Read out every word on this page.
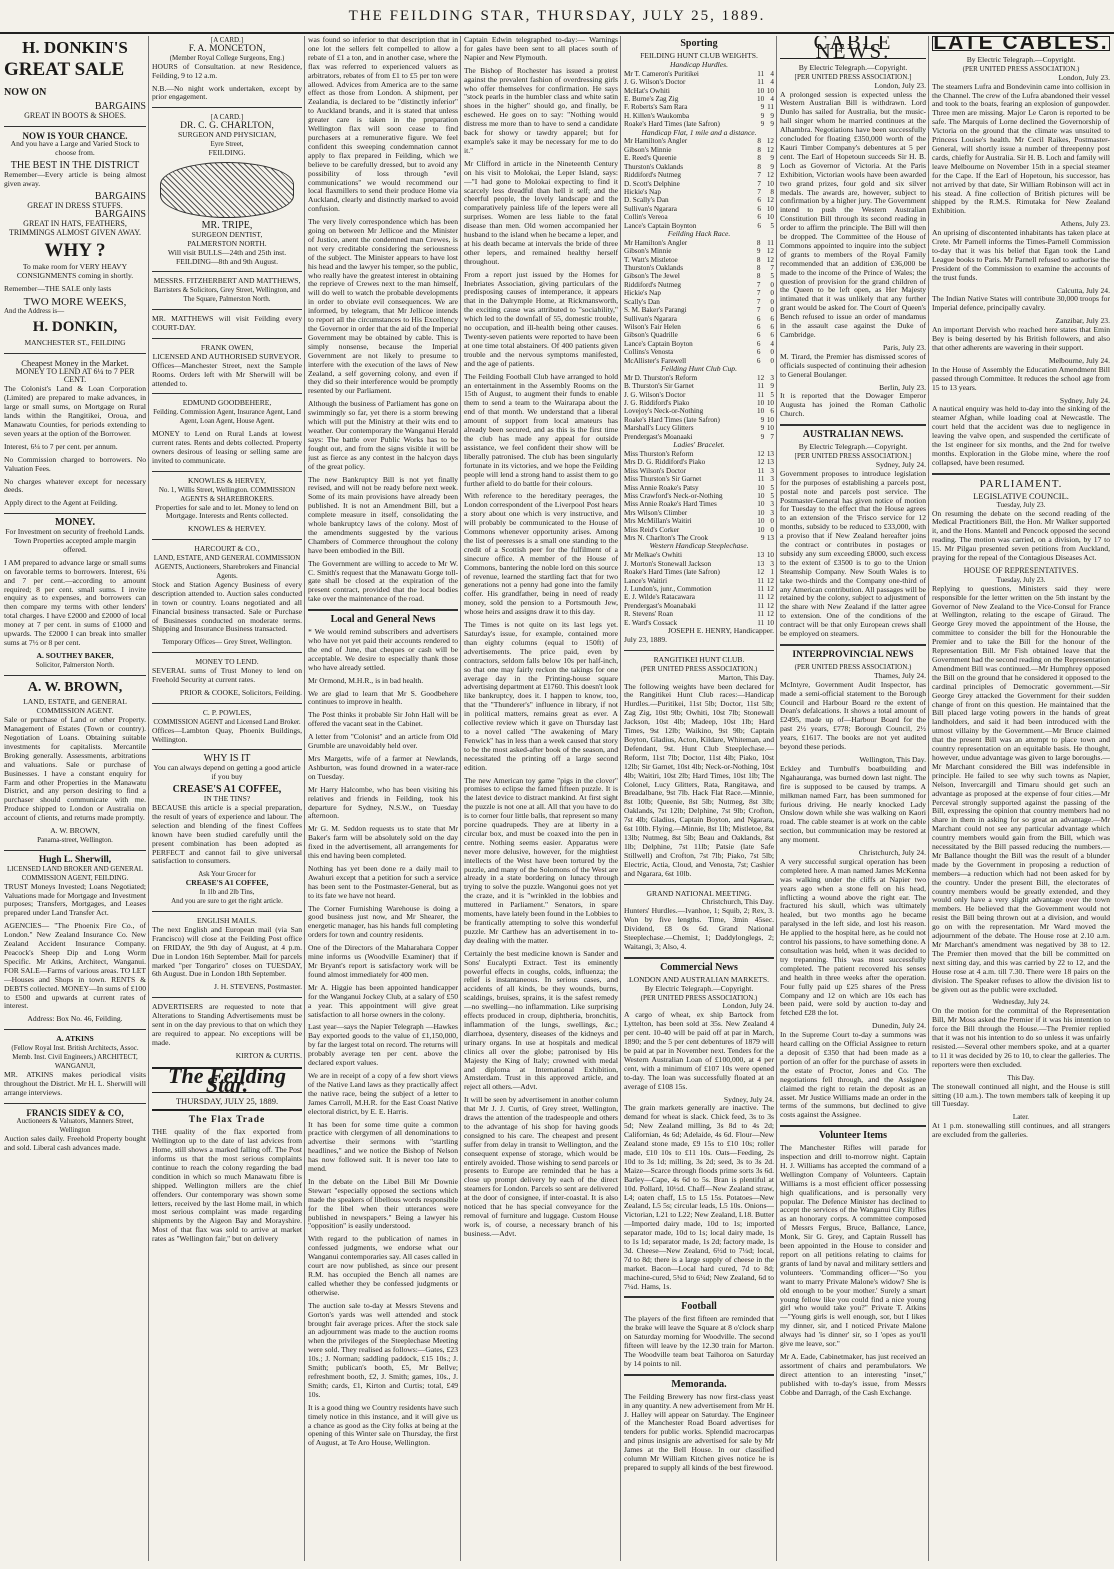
THE FEILDING STAR, THURSDAY, JULY 25, 1889.
H. DONKIN'S
GREAT SALE NOW ON
BARGAINS
GREAT IN BOOTS & SHOES.
NOW IS YOUR CHANCE.

And you have a Large and Varied Stock to choose from.

THE BEST IN THE DISTRICT

Remember—Every article is being almost given away.

BARGAINS
GREAT IN DRESS STUFFS.
BARGAINS
GREAT IN HATS, FEATHERS, TRIMMINGS ALMOST GIVEN AWAY.
WHY ?

To make room for VERY HEAVY CONSIGNMENTS coming in shortly.

Remember—THE SALE only lasts

TWO MORE WEEKS,

And the Address is—

H. DONKIN,
MANCHESTER ST., FEILDING
Cheapest Money in the Market.
MONEY TO LEND AT 6¼ to 7 PER CENT.

The Colonist's Land & Loan Corporation (Limited) are prepared to make advances, in large or small sums, on Mortgage on Rural lands within the Rangitikei, Oroua, and Manawatu Counties, for periods extending to seven years at the option of the Borrower.

Interest, 6¼ to 7 per cent. per annum.

No Commission charged to borrowers. No Valuation Fees.

No charges whatever except for necessary deeds.

Apply direct to the Agent at Feilding.

MONEY.

For Investment on security of freehold Lands. Town Properties accepted ample margin offered.

I AM prepared to advance large or small sums on favorable terms to borrowers. Interest, 6¼ and 7 per cent.—according to amount required; 8 per cent. small sums. I invite enquiry as to expenses, and borrowers can then compare my terms with other lenders' total charges. I have £2000 and £2000 of local money at 7 per cent. in sums of £1000 and upwards. The £2000 I can break into smaller sums at 7½ or 8 per cent.

A. SOUTHEY BAKER,
Solicitor, Palmerston North.
A. W. BROWN,
LAND, ESTATE, and GENERAL COMMISSION AGENT.

Sale or purchase of Land or other Property. Management of Estates (Town or country). Negotiation of Loans. Obtaining suitable investments for capitalists. Mercantile Broking generally. Assessments, arbitrations and valuations. Sale or purchase of Businesses. I have a constant enquiry for Farm and other Properties in the Manawatu District, and any person desiring to find a purchaser should communicate with me. Produce shipped to London or Australia on account of clients, and returns made promptly.

A. W. BROWN,
Panama-street, Wellington.
Hugh L. Sherwill,
LICENSED LAND BROKER AND GENERAL COMMISSION AGENT, FEILDING.

TRUST Moneys Invested; Loans Negotiated; Valuations made for Mortgage and Investment purposes; Transfers, Mortgages, and Leases prepared under Land Transfer Act.

AGENCIES— "The Phoenix Fire Co., of London." New Zealand Insurance Co. New Zealand Accident Insurance Company. Peacock's Sheep Dip and Long Worm Specific. Mr Atkins, Architect, Wanganui. FOR SALE—Farms of various areas. TO LET—Houses and Shops in town. RENTS & DEBTS collected. MONEY—In sums of £100 to £500 and upwards at current rates of interest.

Address: Box No. 46, Feilding.
A. ATKINS
(Fellow Royal Inst. British Architects, Assoc. Memb. Inst. Civil Engineers,) ARCHITECT, WANGANUI,

MR. ATKINS makes periodical visits throughout the District. Mr H. L. Sherwill will arrange interviews.

FRANCIS SIDEY & CO,
Auctioneers & Valuators, Manners Street, Wellington

Auction sales daily. Freehold Property bought and sold. Liberal cash advances made.

[A CARD.]
F. A. MONCETON,
(Member Royal College Surgeons, Eng.)

HOURS of Consultation. at new Residence, Feilding, 9 to 12 a.m.

N.B.—No night work undertaken, except by prior engagement.

[A CARD.]
DR. C. G. CHARLTON,
SURGEON AND PHYSICIAN,
Eyre Street,
FEILDING.
MR. TRIPE,
SURGEON DENTIST,
PALMERSTON NORTH.

Will visit BULLS—24th and 25th inst. FEILDING—8th and 9th August.

MESSRS. FITZHERBERT AND MATTHEWS,
Barristers & Solicitors, Grey Street, Wellington, and The Square, Palmerston North.

MR. MATTHEWS will visit Feilding every COURT-DAY.

FRANK OWEN,
LICENSED AND AUTHORISED SURVEYOR.

Offices—Manchester Street, next the Sample Rooms. Orders left with Mr Sherwill will be attended to.

EDMUND GOODBEHERE,

Feilding. Commission Agent, Insurance Agent, Land Agent, Loan Agent, House Agent.

MONEY to Lend on Rural Lands at lowest current rates. Rents and debts collected. Property owners desirous of leasing or selling same are invited to communicate.

KNOWLES & HERVEY,
No. 1, Willis Street, Wellington. COMMISSION AGENTS & SHAREBROKERS.

Properties for sale and to let. Money to lend on Mortgage. Interests and Rents collected.

KNOWLES & HERVEY.
HARCOURT & CO.,
LAND, ESTATE, AND GENERAL COMMISSION AGENTS, Auctioneers, Sharebrokers and Financial Agents.

Stock and Station Agency Business of every description attended to. Auction sales conducted in town or country. Loans negotiated and all Financial business transacted. Sale or Purchase of Businesses conducted on moderate terms. Shipping and Insurance Business transacted.

Temporary Offices— Grey Street, Wellington.
MONEY TO LEND.

SEVERAL sums of Trust Money to lend on Freehold Security at current rates.

PRIOR & COOKE, Solicitors, Feilding.
C. P. POWLES,
COMMISSION AGENT and Licensed Land Broker.

Offices—Lambton Quay, Phoenix Buildings, Wellington.

WHY IS IT

You can always depend on getting a good article if you buy

CREASE'S A1 COFFEE,
IN THE TINS?

BECAUSE this article is a special preparation, the result of years of experience and labour. The selection and blending of the finest Coffees known have been studied carefully until the present combination has been adopted as PERFECT and cannot fail to give universal satisfaction to consumers.

Ask Your Grocer for
CREASE'S A1 COFFEE,
In 1lb and 2lb Tins,
And you are sure to get the right article.
ENGLISH MAILS.

The next English and European mail (via San Francisco) will close at the Feilding Post office on FRIDAY, the 9th day of August, at 4 p.m. Due in London 16th September. Mail for parcels marked "per Tongariro" closes on TUESDAY, 6th August. Due in London 18th September.

J. H. STEVENS, Postmaster.

ADVERTISERS are requested to note that Alterations to Standing Advertisements must be sent in on the day previous to that on which they are required to appear. No exceptions will be made.

KIRTON & CURTIS.
The Feilding Star.
THURSDAY, JULY 25, 1889.
The Flax Trade

THE quality of the flax exported from Wellington up to the date of last advices from Home, still shows a marked falling off. The Post informs us that the most serious complaints continue to reach the colony regarding the bad condition in which so much Manawatu fibre is shipped. Wellington millers are the chief offenders. Our contemporary was shown some letters, received by the last Home mail, in which most serious complaint was made regarding shipments by the Aigeon Bay and Morayshire. Most of that flax was sold to arrive at market rates as "Wellington fair," but on delivery

was found so inferior to that description that in one lot the sellers felt compelled to allow a rebate of £1 a ton, and in another case, where the flax was referred to experienced valuers as arbitrators, rebates of from £1 to £5 per ton were allowed. Advices from America are to the same effect as those from London. A shipment, per Zealandia, is declared to be "distinctly inferior" to Auckland brands, and it is stated that unless greater care is taken in the preparation Wellington flax will soon cease to find purchasers at a remunerative figure. We feel confident this sweeping condemnation cannot apply to flax prepared in Feilding, which we believe to be carefully dressed, but to avoid any possibility of loss through "evil communications" we would recommend our local flaxmillers to send their produce Home via Auckland, clearly and distinctly marked to avoid confusion.

The very lively correspondence which has been going on between Mr Jellicoe and the Minister of Justice, anent the condemned man Crewes, is not very creditable considering the seriousness of the subject. The Minister appears to have lost his head and the lawyer his temper, so the public, who really have the greatest interest in obtaining the reprieve of Crewes next to the man himself, will do well to watch the probable developments in order to obviate evil consequences. We are informed, by telegram, that Mr Jellicoe intends to report all the circumstances to His Excellency the Governor in order that the aid of the Imperial Government may be obtained by cable. This is simply nonsense, because the Imperial Government are not likely to presume to interfere with the execution of the laws of New Zealand, a self governing colony, and even if they did so their interference would be promptly resented by our Parliament.

Although the business of Parliament has gone on swimmingly so far, yet there is a storm brewing which will put the Ministry at their wits end to weather. Our contemporary the Wanganui Herald says: The battle over Public Works has to be fought out, and from the signs visible it will be just as fierce as any contest in the halcyon days of the great policy.

The new Bankruptcy Bill is not yet finally revised, and will not be ready before next week. Some of its main provisions have already been published. It is not an Amendment Bill, but a complete measure in itself, consolidating the whole bankruptcy laws of the colony. Most of the amendments suggested by the various Chambers of Commerce throughout the colony have been embodied in the Bill.

The Government are willing to accede to Mr W. C. Smith's request that the Manawatu Gorge toll-gate shall be closed at the expiration of the present contract, provided that the local bodies take over the maintenance of the road.

Local and General News

* We would remind subscribers and advertisers who have not yet paid their accounts rendered to the end of June, that cheques or cash will be acceptable. We desire to especially thank those who have already settled.

Mr Ormond, M.H.R., is in bad health.

We are glad to learn that Mr S. Goodbehere continues to improve in health.

The Post thinks it probable Sir John Hall will be offered the vacant seat in the Cabinet.

A letter from "Colonist" and an article from Old Grumble are unavoidably held over.

Mrs Margetts, wife of a farmer at Newlands, Ashburton, was found drowned in a water-race on Tuesday.

Mr Harry Halcombe, who has been visiting his relatives and friends in Feilding, took his departure for Sydney, N.S.W., on Tuesday afternoon.

Mr G. M. Seddon requests us to state that Mr Baker's farm will be absolutely sold on the day fixed in the advertisement, all arrangements for this end having been completed.

Nothing has yet been done re a daily mail to Awahuri except that a petition for such a service has been sent to the Postmaster-General, but as to its fate we have not heard.

The Corner Furnishing Warehouse is doing a good business just now, and Mr Shearer, the energetic manager, has his hands full completing orders for town and country residents.

One of the Directors of the Maharahara Copper mine informs us (Woodville Examiner) that if Mr Bryant's report is satisfactory work will be found almost immediately for 400 men.

Mr A. Higgie has been appointed handicapper for the Wanganui Jockey Club, at a salary of £50 a year. This appointment will give great satisfaction to all horse owners in the colony.

Last year—says the Napier Telegraph —Hawkes Bay exported goods to the value of £1,150,000, by far the largest total on record. The returns will probably average ten per cent. above the declared export values.

We are in receipt of a copy of a few short views of the Native Land laws as they practically affect the native race, being the subject of a letter to James Carroll, M.H.R. for the East Coast Native electoral district, by E. E. Harris.

It has been for some time quite a common practice with clergymen of all denominations to advertise their sermons with "startling headlines," and we notice the Bishop of Nelson has now followed suit. It is never too late to mend.

In the debate on the Libel Bill Mr Downie Stewart "especially opposed the sections which made the speakers of libellous words responsible for the libel when their utterances were published in newspapers." Being a lawyer his "opposition" is easily understood.

With regard to the publication of names in confessed judgments, we endorse what our Wanganui contemporaries say. All cases called in court are now published, as since our present R.M. has occupied the Bench all names are called whether they be confessed judgments or otherwise.

The auction sale to-day at Messrs Stevens and Gorton's yards was well attended and stock brought fair average prices. After the stock sale an adjournment was made to the auction rooms when the privileges of the Steeplechase Meeting were sold. They realised as follows:—Gates, £23 10s.; J. Norman; saddling paddock, £15 10s.; J. Smith; publican's booth, £5, Mr Bellve; refreshment booth, £2, J. Smith; games, 10s., J. Smith; cards, £1, Kirton and Curtis; total, £49 10s.

It is a good thing we Country residents have such timely notice in this instance, and it will give us a chance as good as the City folks at being at the opening of this Winter sale on Thursday, the first of August, at Te Aro House, Wellington.

Captain Edwin telegraphed to-day:— Warnings for gales have been sent to all places south of Napier and New Plymouth.

The Bishop of Rochester has issued a protest against the prevalent fashion of overdressing girls who offer themselves for confirmation. He says "stock pearls in the humbler class and white satin shoes in the higher" should go, and finally, be eschewed. He goes on to say: "Nothing would distress me more than to have to send a candidate back for showy or tawdry apparel; but for example's sake it may be necessary for me to do it."

Mr Clifford in article in the Nineteenth Century on his visit to Molokai, the Leper Island, says:—"I had gone to Molokai expecting to find it scarcely less dreadful than hell it self; and the cheerful people, the lovely landscape and the comparatively painless life of the lepers were all surprises. Women are less liable to the fatal disease than men. Old women accompanied her husband to the island when he became a leper, and at his death became at intervals the bride of three other lepers, and remained healthy herself throughout.

From a report just issued by the Homes for Inebriates Association, giving particulars of the predisposing causes of intemperance, it appears that in the Dalrymple Home, at Rickmansworth, the exciting cause was attributed to "sociability," which led to the downfall of 55, domestic trouble, no occupation, and ill-health being other causes. Twenty-seven patients were reported to have been at one time total abstainers. Of 400 patients given trouble and the nervous symptoms manifested, and the age of patients.

The Feilding Football Club have arranged to hold an entertainment in the Assembly Rooms on the 15th of August, to augment their funds to enable them to send a team to the Wairarapa about the end of that month. We understand that a liberal amount of support from local amateurs has already been secured, and as this is the first time the club has made any appeal for outside assistance, we feel confident their show will be liberally patronised. The club has been singularly fortunate in its victories, and we hope the Feilding people will lend a strong hand to assist them to go further afield to do battle for their colours.

With reference to the hereditary peerages, the London correspondent of the Liverpool Post hears a story about one which is very instructive, and will probably be communicated to the House of Commons whenever opportunity arises. Among the list of peeresses is a small one standing to the credit of a Scottish peer for the fulfilment of a sinecure office. A member of the House of Commons, bantering the noble lord on this source of revenue, learned the startling fact that for two generations not a penny had gone into the family coffer. His grandfather, being in need of ready money, sold the pension to a Portsmouth Jew, whose heirs and assigns draw it to this day.

The Times is not quite on its last legs yet. Saturday's issue, for example, contained more than eighty columns (equal to 150ft) of advertisements. The price paid, even by contractors, seldom falls below 10s per half-inch, so that one may fairly reckon the takings for one average day in the Printing-house square advertising department at £1760. This doesn't look like bankruptcy, does it. I happen to know, too, that the "Thunderer's" influence in library, if not in political matters, remains great as ever. A collective review which it gave on Thursday last to a novel called "The awakening of Mary Fenwick" has in less than a week caused that story to be the most asked-after book of the season, and necessitated the printing off a large second edition.

The new American toy game "pigs in the clover" promises to eclipse the famed fifteen puzzle. It is the latest device to distract mankind. At first sight the puzzle is not one at all. All that you have to do is to corner four little balls, that represent so many porcine quadrupeds. They are at liberty in a circular box, and must be coaxed into the pen in centre. Nothing seems easier. Apparatus were never more delusive, however, for the mightiest intellects of the West have been tortured by the puzzle, and many of the Solomons of the West are already in a state bordering on lunacy through trying to solve the puzzle. Wangonui goes not yet the craze, and it is "wrinkled in the lobbies and muttered in Parliament." Senators, in spare moments, have lately been found in the Lobbies to be frantically attempting to solve this wonderful puzzle. Mr Carthew has an advertisement in to-day dealing with the matter.

Certainly the best medicine known is Sander and Sons' Eucalypti Extract. Test its eminently powerful effects in coughs, colds, influenza; the relief is instantaneous. In serious cases, and accidents of all kinds, be they wounds, burns, scaldings, bruises, sprains, it is the safest remedy—no swelling—no inflammation. Like surprising effects produced in croup, diphtheria, bronchitis, inflammation of the lungs, swellings, &c.; diarrhoea, dysentery, diseases of the kidneys and urinary organs. In use at hospitals and medical clinics all over the globe; patronised by His Majesty the King of Italy; crowned with medal and diploma at International Exhibition, Amsterdam. Trust in this approved article, and reject all others.—Advt.

It will be seen by advertisement in another column that Mr J. J. Curtis, of Grey street, Wellington, draws the attention of the tradespeople and others to the advantage of his shop for having goods consigned to his care. The cheapest and present suffer from delay in transit to Wellington, and the consequent expense of storage, which would be entirely avoided. Those wishing to send parcels or presents to Europe are reminded that he has a close up prompt delivery by each of the direct steamers for London. Parcels so sent are delivered at the door of consignee, if inter-coastal. It is also noticed that he has special conveyance for the removal of furniture and luggage. Custom House work is, of course, a necessary branch of his business.—Advt.

Sporting
FEILDING HUNT CLUB WEIGHTS.
Handicap Hurdles.
Mr T. Cameron's Puritikei	11	4
J. G. Wilson's Doctor	11	4
McHat's Owhiti	10	10
E. Burne's Zag Zig	10	4
F. Roberts's Sam Rara	9	11
H. Killen's Waukomba	9	9
Roake's Hard Times (late Safron)	9	9
Handicap Flat, 1 mile and a distance.
Mr Hamilton's Angler	8	12
Gibson's Minnie	8	12
E. Reed's Queenie	8	9
Thurston's Oaklands	8	9
Riddiford's Nutmeg	7	12
D. Scott's Delphine	7	10
Hickie's Nap	7	8
D. Scally's Dan	6	12
Sullivan's Ngarara	6	10
Collin's Vereoa	6	10
Lance's Captain Boynton	6	5
Feilding Hack Race.
Mr Hamilton's Angler	8	11
Gibson's Minnie	9	12
T. Watt's Mistletoe	8	12
Thurston's Oaklands	8	7
Gibson's The Jewel	8	5
Riddiford's Nutmeg	7	0
Hickie's Nap	7	0
Scally's Dan	7	0
S. M. Baker's Parangi	7	0
Sullivan's Ngarara	6	6
Wilson's Fair Helen	6	6
Gibson's Quadrille	6	6
Lance's Captain Boyton	6	4
Collins's Venosta	6	0
McAllister's Farewell	6	0
Feilding Hunt Club Cup.
Mr D. Thurston's Reform	12	3
B. Thurston's Sir Garnet	11	9
J. G. Wilson's Doctor	11	5
J. G. Riddiford's Piako	10	10
Lovejoy's Neck-or-Nothing	10	6
Roake's Hard Times (late Safron)	9	10
Marshall's Lucy Glitters	9	10
Prendergast's Moanaaki	9	7
Ladies' Bracelet.
Miss Thurston's Reform	12	13
Mrs D. G. Riddiford's Piako	12	13
Miss Wilson's Doctor	11	3
Miss Thurston's Sir Garnet	11	3
Miss Annie Roake's Patsy	10	5
Miss Crawford's Neck-or-Nothing	10	5
Miss Annie Roake's Hard Times	10	3
Mrs Wilson's Climber	10	3
Mrs McMillan's Waitiri	10	0
Miss Reid's Corker	10	0
Mrs N. Charlton's The Crook	9	13
Western Handicap Steeplechase.
Mr Melkae's Owhiti	13	10
J. Morton's Stonewall Jackson	13	3
Roake's Hard Times (late Safron)	12	1
Lance's Waitiri	11	12
J. Lundon's, junr., Commotion	11	12
E. J. Wilde's Ratacawara	11	12
Prendergast's Moanabaki	11	12
R. Stevens' Roan	11	12
E. Ward's Cossack	11	10
JOSEPH E. HENRY, Handicapper.
July 23, 1889.
RANGITIKEI HUNT CLUB.
(PER UNITED PRESS ASSOCIATION.)
Marton, This Day.

The following weights have been declared for the Rangitikei Hunt Club races:—Handicap Hurdles.—Puritikei, 11st 5lb; Doctor, 11st 5lb; Zag Zig, 10st 9lb; Owhiti, 10st 7lb; Stonewall Jackson, 10st 4lb; Madeep, 10st 1lb; Hard Times, 9st 12lb; Waikino, 9st 9lb; Captain Boyton, Gladius, Acton, Kildare, Whiteman, and Defendant, 9st. Hunt Club Steeplechase.—Reform, 11st 7lb; Doctor, 11st 4lb; Piako, 10st 12lb; Sir Garnet, 10st 4lb; Neck-or-Nothing, 10st 4lb; Waitiri, 10st 2lb; Hard Times, 10st 1lb; The Colonel, Lucy Glitters, Rata, Rangitawa, and Breadalbane, 9st 7lb. Hack Flat Race.—Minnie, 8st 10lb; Queenie, 8st 5lb; Nutmeg, 8st 3lb; Oaklands, 7st 12lb; Delphine, 7st 9lb; Crofton, 7st 4lb; Gladius, Captain Boyton, and Ngarara, 6st 10lb. Flying.—Minnie, 8st 1lb; Mistletoe, 8st 13lb; Nutmeg, 8st 5lb; Beau and Oaklands, 8st 1lb; Delphine, 7st 11lb; Patsie (late Safe Stillwell) and Crofton, 7st 7lb; Piako, 7st 5lb; Electric, Actia, Cloud, and Venosta, 7st; Cashier and Ngarara, 6st 10lb.

GRAND NATIONAL MEETING.
Christchurch, This Day.

Hunters' Hurdles.—Ivanhoe, 1; Squib, 2; Rex, 3. Won by five lengths. Time, 3min 45sec. Dividend, £8 0s 6d. Grand National Steeplechase.—Chemist, 1; Daddylonglegs, 2; Waitangi, 3; Also, 4.

Commercial News
LONDON AND AUSTRALIAN MARKETS.
By Electric Telegraph.—Copyright.
(PER UNITED PRESS ASSOCIATION.)
London, July 24.

A cargo of wheat, ex ship Bartock from Lyttelton, has been sold at 35s. New Zealand 4 per cent. 10-40 will be paid off at par in March, 1890; and the 5 per cent debentures of 1879 will be paid at par in November next. Tenders for the Western Australian Loan of £100,000, at 4 per cent, with a minimum of £107 10s were opened to-day. The loan was successfully floated at an average of £108 15s.

Sydney, July 24.

The grain markets generally are inactive. The demand for wheat is slack. Chick feed, 3s to 3s 5d; New Zealand milling, 3s 8d to 4s 2d; Californian, 4s 6d; Adelaide, 4s 6d. Flour—New Zealand stone made, £9 15s to £10 10s; roller made, £10 10s to £11 10s. Oats—Feeding, 2s 10d to 3s 1d; milling, 3s 2d; seed, 3s to 3s 2d. Maize—Scarce through floods prime sorts 3s 6d. Barley—Cape, 4s 6d to 5s. Bran is plentiful at 10d. Pollard, 10½d. Chaff—New Zealand straw, L4; oaten chaff, L5 to L5 15s. Potatoes—New Zealand, L5 5s; circular leads, L5 10s. Onions—Victorian, L21 to L22; New Zealand, L18. Butter—Imported dairy made, 10d to 1s; imported separator made, 10d to 1s; local dairy made, 1s to 1s 1d; separator made, 1s 2d; factory made, 1s 3d. Cheese—New Zealand, 6½d to 7¼d; local, 7d to 8d; there is a large supply of cheese in the market. Bacon—Local hard cured, 7d to 8d; machine-cured, 5¾d to 6¼d; New Zealand, 6d to 7¼d. Hams, 1s.

Football

The players of the first fifteen are reminded that the brake will leave the Square at 8 o'clock sharp on Saturday morning for Woodville. The second fifteen will leave by the 12.30 train for Marton. The Woodville team beat Taihoroa on Saturday by 14 points to nil.

Memoranda.

The Feilding Brewery has now first-class yeast in any quantity. A new advertisement from Mr H. J. Halley will appear on Saturday. The Engineer of the Manchester Road Board advertises for tenders for public works. Splendid macrocarpas and pinus insignis are advertised for sale by Mr James at the Bell House. In our classified column Mr William Kitchen gives notice he is prepared to supply all kinds of the best firewood.

CABLE NEWS.
By Electric Telegraph.—Copyright.
[PER UNITED PRESS ASSOCIATION.]
London, July 23.

A prolonged session is expected unless the Western Australian Bill is withdrawn. Lord Dunlo has sailed for Australia, but the music-hall singer whom he married continues at the Alhambra. Negotiations have been successfully concluded for floating £350,000 worth of the Kauri Timber Company's debentures at 5 per cent. The Earl of Hopetoun succeeds Sir H. B. Loch as Governor of Victoria. At the Paris Exhibition, Victorian wools have been awarded two grand prizes, four gold and six silver medals. The awards are, however, subject to confirmation by a higher jury. The Government intend to push the Western Australian Constitution Bill through its second reading in order to affirm the principle. The Bill will then be dropped. The Committee of the House of Commons appointed to inquire into the subject of grants to members of the Royal Family recommended that an addition of £36,000 be made to the income of the Prince of Wales; the question of provision for the grand children of the Queen to be left open, as Her Majesty intimated that it was unlikely that any further grant would be asked for. The Court of Queen's Bench refused to issue an order of mandamus in the assault case against the Duke of Cambridge.

Paris, July 23.

M. Tirard, the Premier has dismissed scores of officials suspected of continuing their adhesion to General Boulanger.

Berlin, July 23.

It is reported that the Dowager Emperor Augusta has joined the Roman Catholic Church.

AUSTRALIAN NEWS.
By Electric Telegraph.—Copyright.
[PER UNITED PRESS ASSOCIATION.]
Sydney, July 24.

Government proposes to introduce legislation for the purposes of establishing a parcels post, postal note and parcels post service. The Postmaster-General has given notice of motion for Tuesday to the effect that the House agrees to an extension of the 'Frisco service for 12 months, subsidy to be reduced to £33,000, with a proviso that if New Zealand hereafter joins the contract or contributes in postages or subsidy any sum exceeding £8000, such excess to the extent of £3500 is to go to the Union Steamship Company. New South Wales is to take two-thirds and the Company one-third of any American contribution. All passages will be retained by the colony, subject to adjustment of the share with New Zealand if the latter agree to extension. One of the conditions of the contract will be that only European crews shall be employed on steamers.

INTERPROVINCIAL NEWS
(PER UNITED PRESS ASSOCIATION.)
Thames, July 24.

McIntyre, Government Audit Inspector, has made a semi-official statement to the Borough Council and Harbour Board re the extent of Dean's defalcations. It shows a total amount of £2495, made up of—Harbour Board for the past 2½ years, £778; Borough Council, 2½ years, £1617. The books are not yet audited beyond these periods.

Wellington, This Day.

Eckley and Turnbull's boatbuilding and Ngahauranga, was burned down last night. The fire is supposed to be caused by tramps. A milkman named Farr, has been summoned for furious driving. He nearly knocked Lady Onslow down while she was walking on Kaori road. The cable steamer is at work on the cable section, but communication may be restored at any moment.

Christchurch, July 24.

A very successful surgical operation has been completed here. A man named James McKenna was walking under the cliffs at Napier two years ago when a stone fell on his head, inflicting a wound above the right ear. The fractured his skull, which was ultimately healed, but two months ago he became paralysed in the left side, and lost his reason. He applied to the hospital here, as he could not control his passions, to have something done. A consultation was held, when it was decided to try trepanning. This was most successfully completed. The patient recovered his senses and health in three weeks after the operation. Four fully paid up £25 shares of the Press Company and 12 on which are 10s each has been paid, were sold by auction to-day and fetched £28 the lot.

Dunedin, July 24.

In the Supreme Court to-day a summons was heard calling on the Official Assignee to return a deposit of £350 that had been made as a portion of an offer for the purchase of assets in the estate of Proctor, Jones and Co. The negotiations fell through, and the Assignee claimed the right to retain the deposit as an asset. Mr Justice Williams made an order in the terms of the summons, but declined to give costs against the Assignee.

Volunteer Items

The Manchester Rifles will parade for inspection and drill to-morrow night. Captain H. J. Williams has accepted the command of a Wellington Company of Volunteers. Captain Williams is a most efficient officer possessing high qualifications, and is personally very popular. The Defence Minister has declined to accept the services of the Wanganui City Rifles as an honorary corps. A committee composed of Messrs Fergus, Bruce, Ballance, Lance, Monk, Sir G. Grey, and Captain Russell has been appointed in the House to consider and report on all petitions relating to claims for grants of land by naval and military settlers and volunteers. 'Commanding officer—"So you want to marry Private Malone's widow? She is old enough to be your mother.' Surely a smart young fellow like you could find a nice young girl who would take you?" Private T. Atkins —"Young girls is well enough, sor, but I likes my dinner, sir, and I noticed Private Malone always had 'is dinner' sir, so I 'opes as you'll give me leave, sor."

Mr A. Eade, Cabinetmaker, has just received an assortment of chairs and perambulators. We direct attention to an interesting "inset," published with to-day's issue, from Messrs Cobbe and Darragh, of the Cash Exchange.

LATE CABLES.
By Electric Telegraph.—Copyright.
(PER UNITED PRESS ASSOCIATION.)
London, July 23.

The steamers Lufra and Bondevinin came into collision in the Channel. The crew of the Lufra abandoned their vessel and took to the boats, fearing an explosion of gunpowder. Three men are missing. Major Le Caron is reported to be safe. The Marquis of Lorne declined the Governorship of Victoria on the ground that the climate was unsuited to Princess Louise's health. Mr Cecil Raikes, Postmaster-General, will shortly issue a number of threepenny post cards, chiefly for Australia. Sir H. B. Loch and family will leave Melbourne on November 15th in a special steamer for the Cape. If the Earl of Hopetoun, his successor, has not arrived by that date, Sir William Robinson will act in his stead. A fine collection of British pictures will be shipped by the R.M.S. Rimutaka for New Zealand Exhibition.

Athens, July 23.

An uprising of discontented inhabitants has taken place at Crete. Mr Parnell informs the Times-Parnell Commission to-day that it was his belief that Egan took the Land League books to Paris. Mr Parnell refused to authorise the President of the Commission to examine the accounts of the trust funds.

Calcutta, July 24.

The Indian Native States will contribute 30,000 troops for Imperial defence, principally cavalry.

Zanzibar, July 23.

An important Dervish who reached here states that Emin Bey is being deserted by his British followers, and also that other adherents are wavering in their support.

Melbourne, July 24.

In the House of Assembly the Education Amendment Bill passed through Committee. It reduces the school age from 15 to 13 years.

Sydney, July 24.

A nautical enquiry was held to-day into the sinking of the steamer Afghan, while loading coal at Newcastle. The court held that the accident was due to negligence in leaving the valve open, and suspended the certificate of the 1st engineer for six months, and the 2nd for twelve months. Exploration in the Globe mine, where the roof collapsed, have been resumed.

PARLIAMENT.
LEGISLATIVE COUNCIL.
Tuesday, July 23.

On resuming the debate on the second reading of the Medical Practitioners Bill, the Hon. Mr Walker supported it, and the Hons. Mantell and Pencock opposed the second reading. The motion was carried, on a division, by 17 to 15. Mr Pilgau presented seven petitions from Auckland, praying for the repeal of the Contagious Diseases Act.

HOUSE OF REPRESENTATIVES.
Tuesday, July 23.

Replying to questions, Ministers said they were responsible for the letter written on the 5th instant by the Governor of New Zealand to the Vice-Consul for France at Wellington, relating to the escape of Giraud. The George Grey moved the appointment of the House, the committee to consider the bill for the Honourable the Premier and to take the Bill for the honour of the Representation Bill. Mr Fish obtained leave that the Government had the second reading on the Representation Amendment Bill was continued.—Mr Humphrey opposed the Bill on the ground that he considered it opposed to the cardinal principles of Democratic government.—Sir George Grey attacked the Government for their sudden change of front on this question. He maintained that the Bill placed large voting powers in the hands of great landholders, and said it had been introduced with the utmost villainy by the Government.—Mr Bruce claimed that the present Bill was an attempt to place town and country representation on an equitable basis. He thought, however, undue advantage was given to large boroughs.—Mr Marchant considered the Bill was indefensible in principle. He failed to see why such towns as Napier, Nelson, Invercargill and Timaru should get such an advantage as proposed at the expense of four cities.—Mr Perceval strongly supported against the passing of the Bill, expressing the opinion that country members had no share in them in asking for so great an advantage.—Mr Marchant could not see any particular advantage which country members would gain from the Bill, which was necessitated by the Bill passed reducing the numbers.—Mr Ballance thought the Bill was the result of a blunder made by the Government in proposing a reduction of members—a reduction which had not been asked for by the country. Under the present Bill, the electorates of country members would be greatly extended, and they would only have a very slight advantage over the town members. He believed that the Government would not resist the Bill being thrown out at a division, and would go on with the representation. Mr Ward moved the adjournment of the debate. The House rose at 2.10 a.m. Mr Marchant's amendment was negatived by 38 to 12. The Premier then moved that the bill be committed on next sitting day, and this was carried by 22 to 12, and the House rose at 4 a.m. till 7.30. There were 18 pairs on the division. The Speaker refuses to allow the division list to be given out as the public were excluded.

Wednesday, July 24.

On the motion for the committal of the Representation Bill, Mr Moss asked the Premier if it was his intention to force the Bill through the House.—The Premier replied that it was not his intention to do so unless it was unfairly resisted.—Several other members spoke, and at a quarter to 11 it was decided by 26 to 10, to clear the galleries. The reporters were then excluded.

This Day.

The stonewall continued all night, and the House is still sitting (10 a.m.). The town members talk of keeping it up till Tuesday.

Later.

At 1 p.m. stonewalling still continues, and all strangers are excluded from the galleries.
